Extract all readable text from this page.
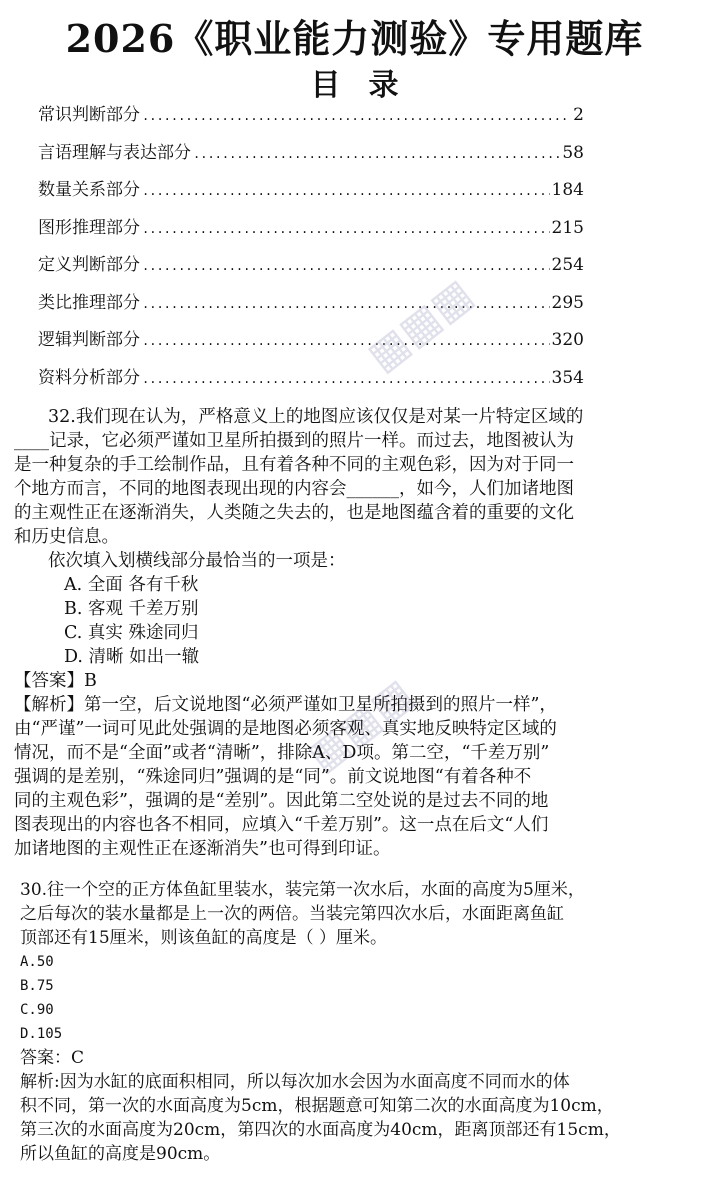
2026《职业能力测验》专用题库
目 录
常识判断部分 .....	2
言语理解与表达部分 .....	58
数量关系部分 .....	184
图形推理部分 .....	215
定义判断部分 .....	254
类比推理部分 .....	295
逻辑判断部分 .....	320
资料分析部分 .....	354
▦▦▦
▦▦▦

32.我们现在认为，严格意义上的地图应该仅仅是对某一片特定区域的

____记录，它必须严谨如卫星所拍摄到的照片一样。而过去，地图被认为

是一种复杂的手工绘制作品，且有着各种不同的主观色彩，因为对于同一

个地方而言，不同的地图表现出现的内容会______，如今，人们加诸地图

的主观性正在逐渐消失，人类随之失去的，也是地图蕴含着的重要的文化

和历史信息。

依次填入划横线部分最恰当的一项是：

A. 全面 各有千秋

B. 客观 千差万别

C. 真实 殊途同归

D. 清晰 如出一辙

【答案】B

【解析】第一空，后文说地图“必须严谨如卫星所拍摄到的照片一样”，

由“严谨”一词可见此处强调的是地图必须客观、真实地反映特定区域的

情况，而不是“全面”或者“清晰”，排除A、D项。第二空，“千差万别”

强调的是差别，“殊途同归”强调的是“同”。前文说地图“有着各种不

同的主观色彩”，强调的是“差别”。因此第二空处说的是过去不同的地

图表现出的内容也各不相同，应填入“千差万别”。这一点在后文“人们

加诸地图的主观性正在逐渐消失”也可得到印证。

30.往一个空的正方体鱼缸里装水，装完第一次水后，水面的高度为5厘米，

之后每次的装水量都是上一次的两倍。当装完第四次水后，水面距离鱼缸

顶部还有15厘米，则该鱼缸的高度是（ ）厘米。

A.50

B.75

C.90

D.105

答案：C

解析:因为水缸的底面积相同，所以每次加水会因为水面高度不同而水的体

积不同，第一次的水面高度为5cm，根据题意可知第二次的水面高度为10cm，

第三次的水面高度为20cm，第四次的水面高度为40cm，距离顶部还有15cm，

所以鱼缸的高度是90cm。
